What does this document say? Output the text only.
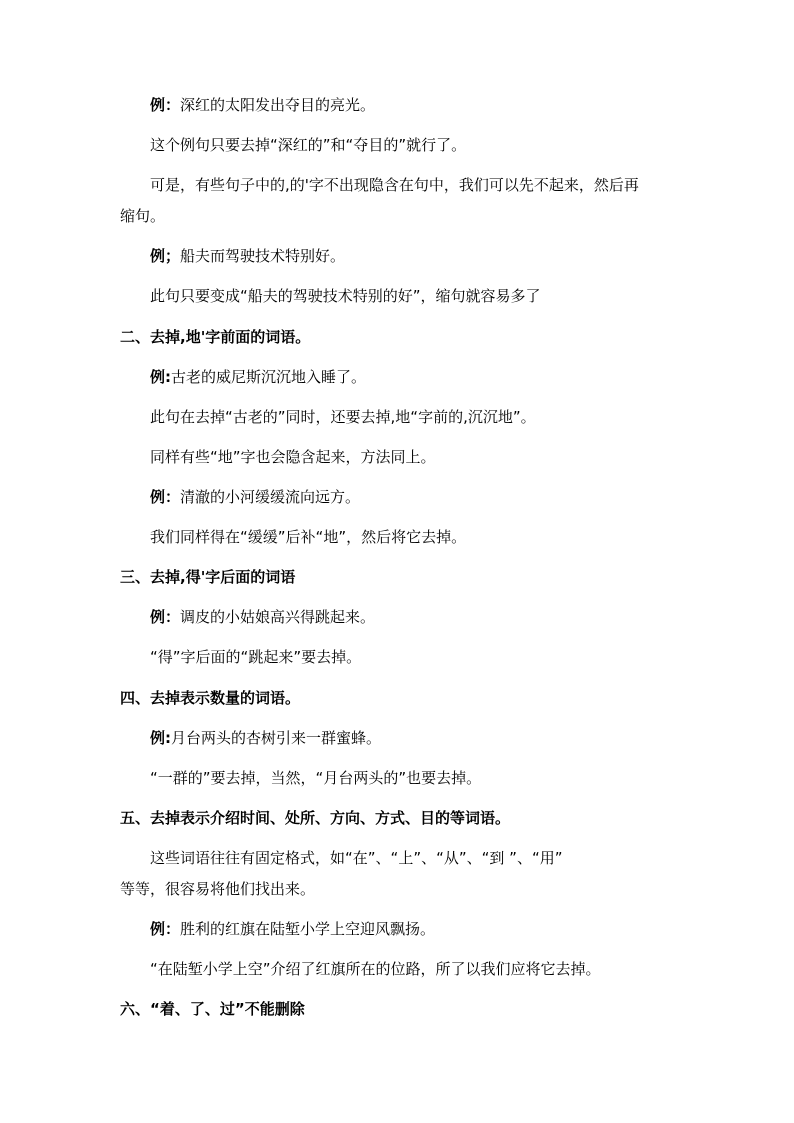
例：深红的太阳发出夺目的亮光。
这个例句只要去掉“深红的”和“夺目的”就行了。
可是，有些句子中的,的'字不出现隐含在句中，我们可以先不起来，然后再
缩句。
例；船夫而驾驶技术特别好。
此句只要变成“船夫的驾驶技术特别的好”，缩句就容易多了
二、去掉,地'字前面的词语。
例:古老的威尼斯沉沉地入睡了。
此句在去掉“古老的”同时，还要去掉,地“字前的,沉沉地”。
同样有些“地”字也会隐含起来，方法同上。
例：清澈的小河缓缓流向远方。
我们同样得在“缓缓”后补“地”，然后将它去掉。
三、去掉,得'字后面的词语
例：调皮的小姑娘高兴得跳起来。
“得”字后面的“跳起来”要去掉。
四、去掉表示数量的词语。
例:月台两头的杏树引来一群蜜蜂。
“一群的”要去掉，当然，“月台两头的”也要去掉。
五、去掉表示介绍时间、处所、方向、方式、目的等词语。
这些词语往往有固定格式，如“在”、“上”、“从”、“到 ”、“用”
等等，很容易将他们找出来。
例：胜利的红旗在陆堑小学上空迎风飘扬。
“在陆堑小学上空”介绍了红旗所在的位路，所了以我们应将它去掉。
六、“着、了、过”不能删除
